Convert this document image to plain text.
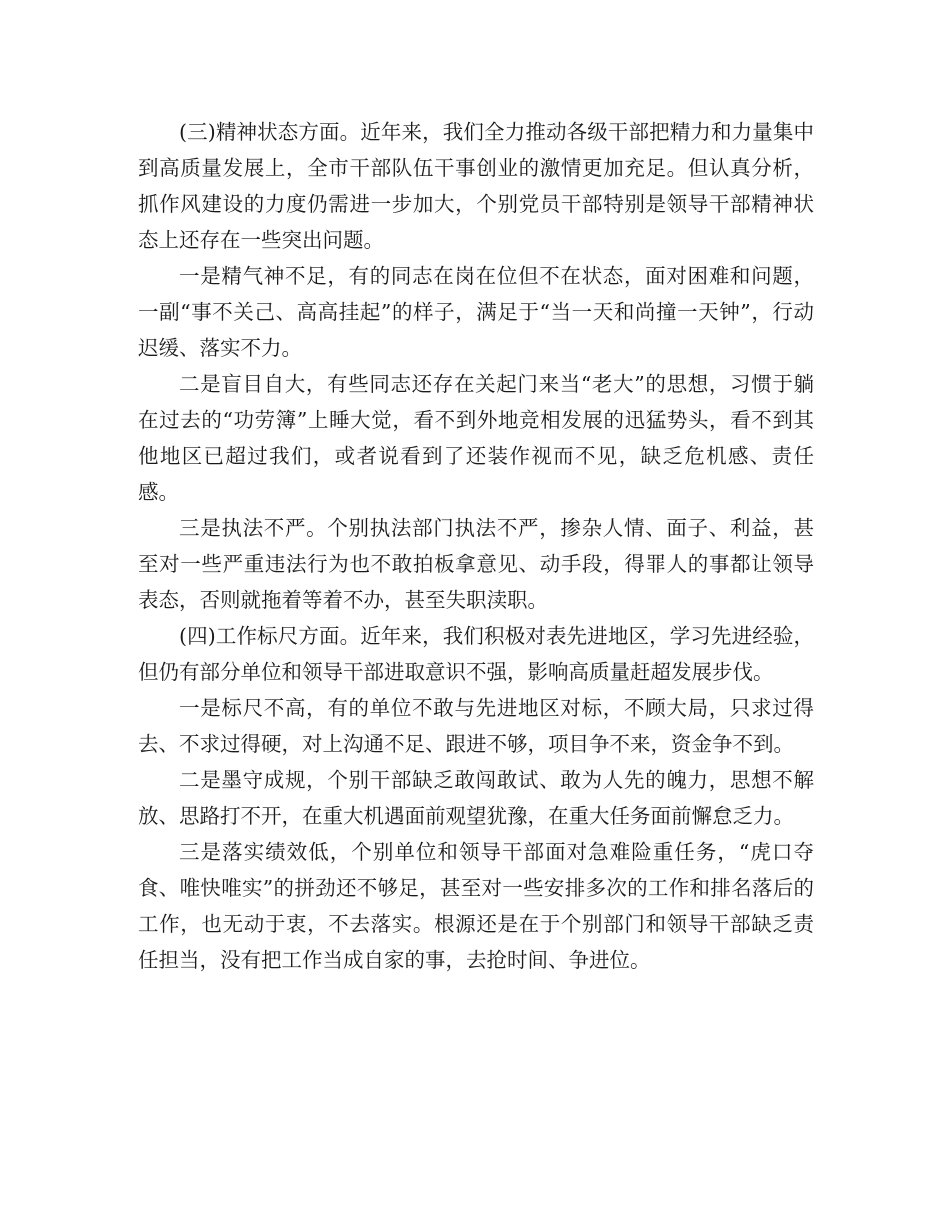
(三)精神状态方面。近年来，我们全力推动各级干部把精力和力量集中到高质量发展上，全市干部队伍干事创业的激情更加充足。但认真分析，抓作风建设的力度仍需进一步加大，个别党员干部特别是领导干部精神状态上还存在一些突出问题。

一是精气神不足，有的同志在岗在位但不在状态，面对困难和问题，一副“事不关己、高高挂起”的样子，满足于“当一天和尚撞一天钟”，行动迟缓、落实不力。

二是盲目自大，有些同志还存在关起门来当“老大”的思想，习惯于躺在过去的“功劳簿”上睡大觉，看不到外地竞相发展的迅猛势头，看不到其他地区已超过我们，或者说看到了还装作视而不见，缺乏危机感、责任感。

三是执法不严。个别执法部门执法不严，掺杂人情、面子、利益，甚至对一些严重违法行为也不敢拍板拿意见、动手段，得罪人的事都让领导表态，否则就拖着等着不办，甚至失职渎职。

(四)工作标尺方面。近年来，我们积极对表先进地区，学习先进经验，但仍有部分单位和领导干部进取意识不强，影响高质量赶超发展步伐。

一是标尺不高，有的单位不敢与先进地区对标，不顾大局，只求过得去、不求过得硬，对上沟通不足、跟进不够，项目争不来，资金争不到。

二是墨守成规，个别干部缺乏敢闯敢试、敢为人先的魄力，思想不解放、思路打不开，在重大机遇面前观望犹豫，在重大任务面前懈怠乏力。

三是落实绩效低，个别单位和领导干部面对急难险重任务，“虎口夺食、唯快唯实”的拼劲还不够足，甚至对一些安排多次的工作和排名落后的工作，也无动于衷，不去落实。根源还是在于个别部门和领导干部缺乏责任担当，没有把工作当成自家的事，去抢时间、争进位。
